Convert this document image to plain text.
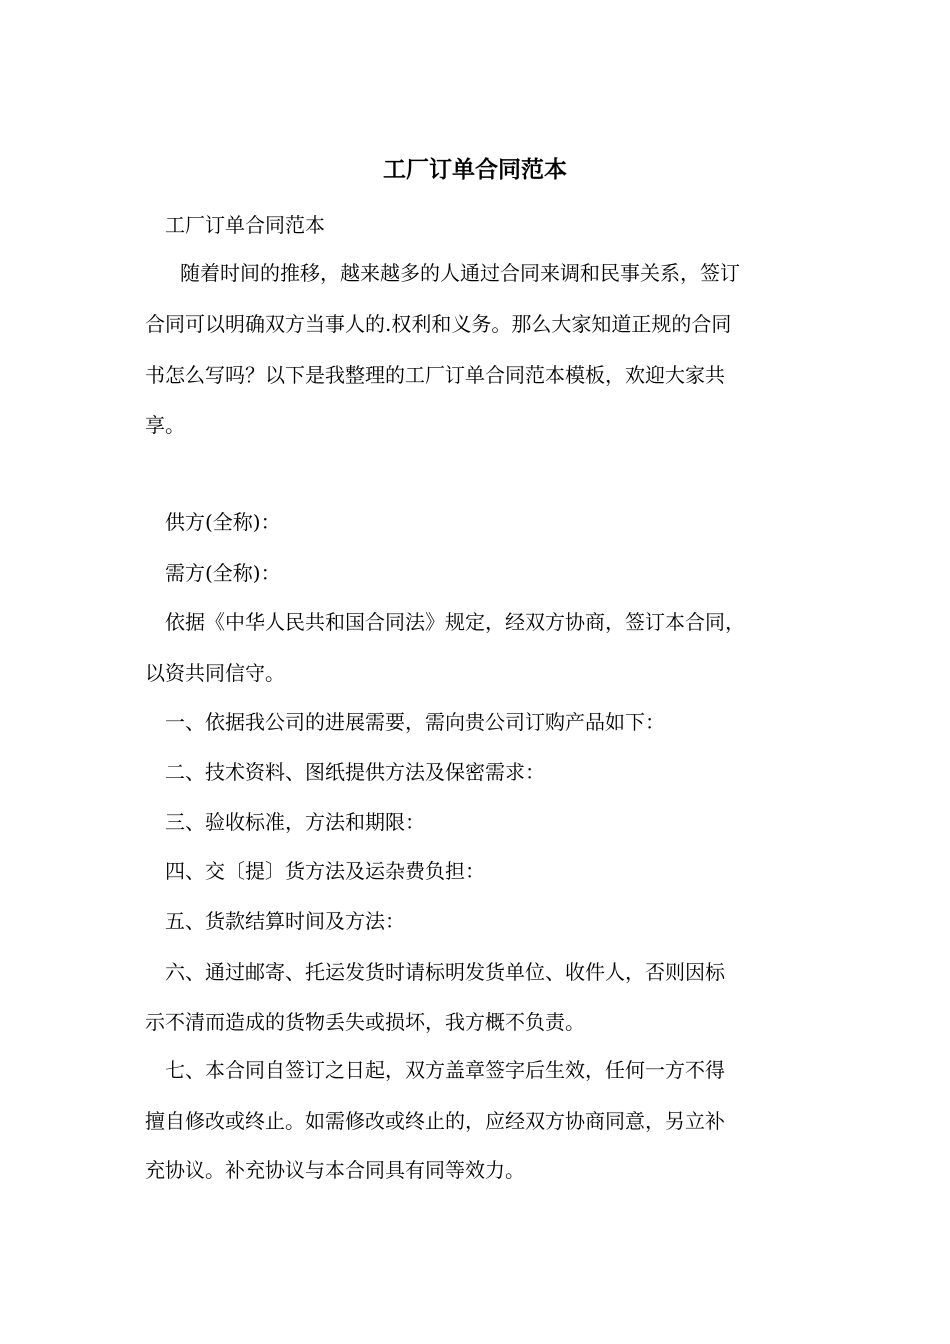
工厂订单合同范本
工厂订单合同范本
随着时间的推移，越来越多的人通过合同来调和民事关系，签订
合同可以明确双方当事人的.权利和义务。那么大家知道正规的合同
书怎么写吗？以下是我整理的工厂订单合同范本模板，欢迎大家共
享。
供方(全称)：
需方(全称)：
依据《中华人民共和国合同法》规定，经双方协商，签订本合同，
以资共同信守。
一、依据我公司的进展需要，需向贵公司订购产品如下：
二、技术资料、图纸提供方法及保密需求：
三、验收标准，方法和期限：
四、交〔提〕货方法及运杂费负担：
五、货款结算时间及方法：
六、通过邮寄、托运发货时请标明发货单位、收件人，否则因标
示不清而造成的货物丢失或损坏，我方概不负责。
七、本合同自签订之日起，双方盖章签字后生效，任何一方不得
擅自修改或终止。如需修改或终止的，应经双方协商同意，另立补
充协议。补充协议与本合同具有同等效力。
